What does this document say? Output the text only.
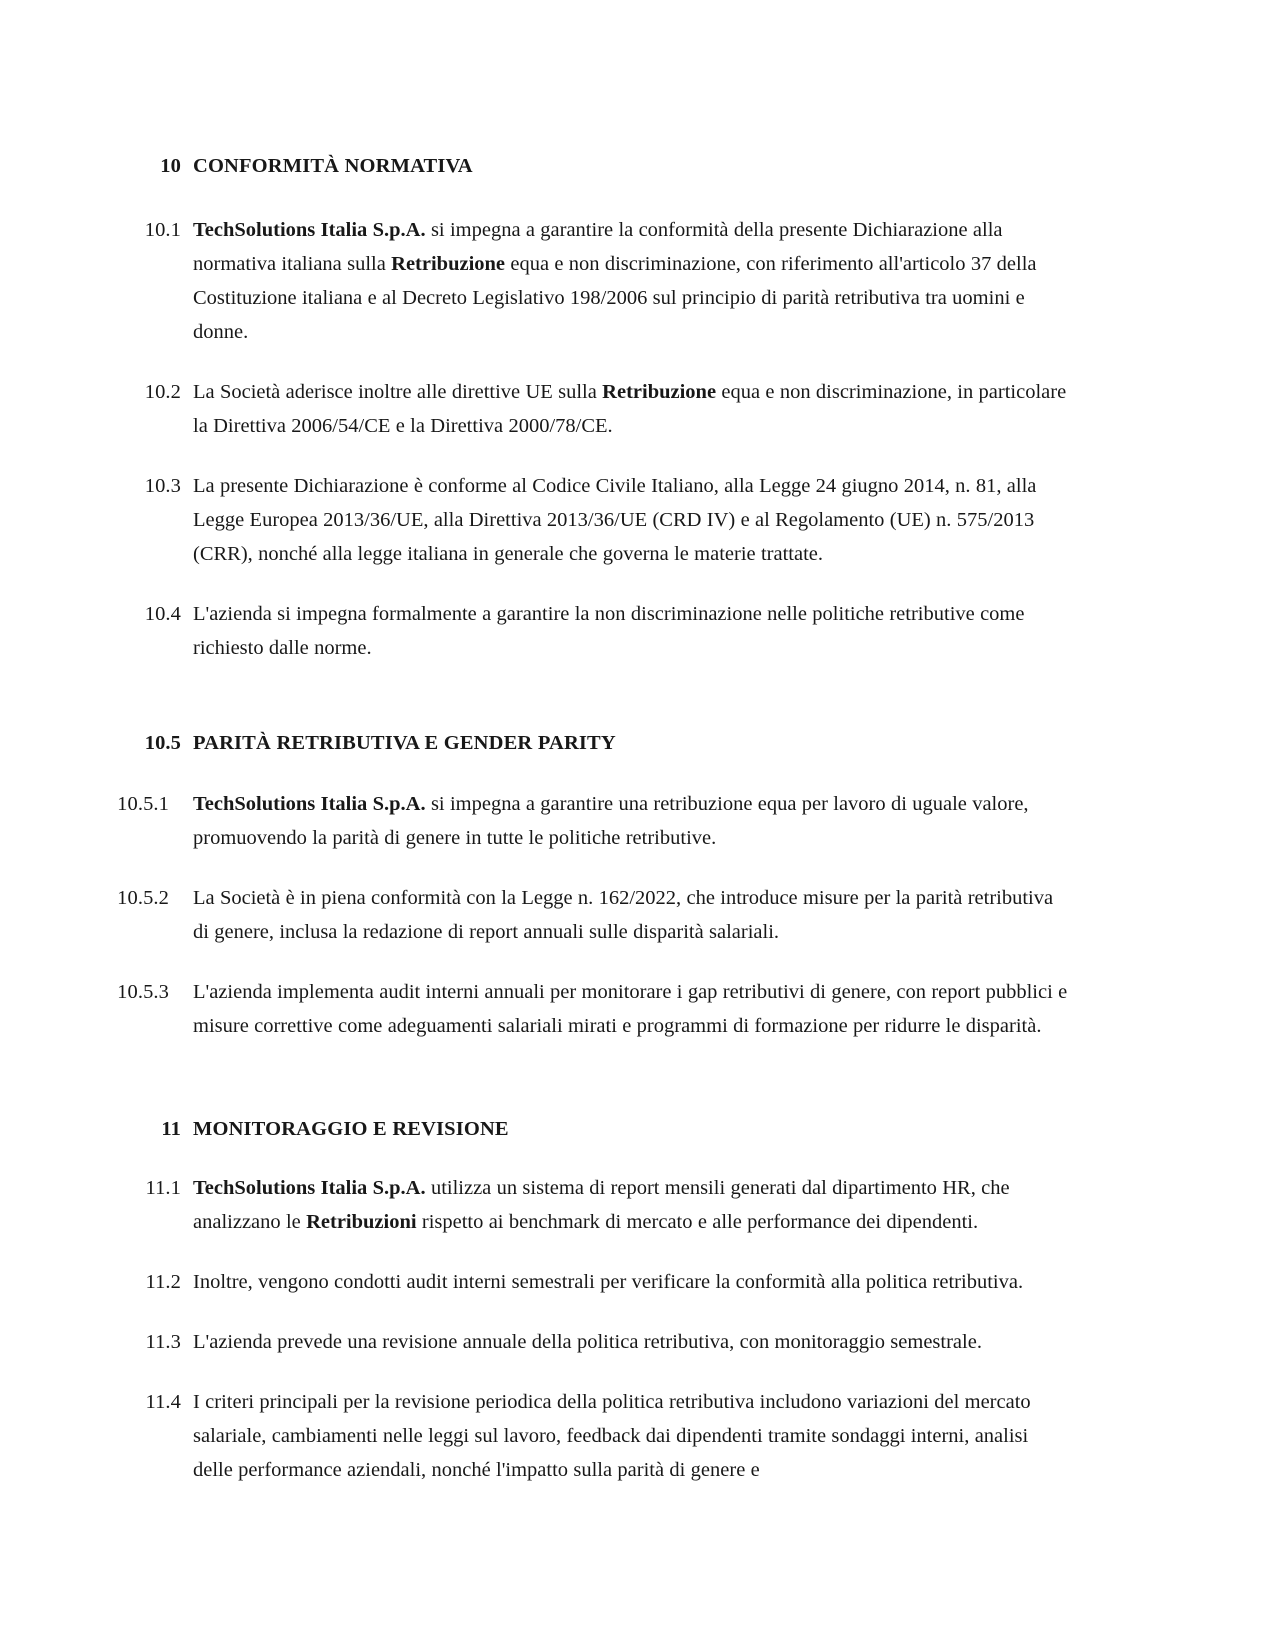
10 CONFORMITÀ NORMATIVA
10.1 TechSolutions Italia S.p.A. si impegna a garantire la conformità della presente Dichiarazione alla normativa italiana sulla Retribuzione equa e non discriminazione, con riferimento all'articolo 37 della Costituzione italiana e al Decreto Legislativo 198/2006 sul principio di parità retributiva tra uomini e donne.
10.2 La Società aderisce inoltre alle direttive UE sulla Retribuzione equa e non discriminazione, in particolare la Direttiva 2006/54/CE e la Direttiva 2000/78/CE.
10.3 La presente Dichiarazione è conforme al Codice Civile Italiano, alla Legge 24 giugno 2014, n. 81, alla Legge Europea 2013/36/UE, alla Direttiva 2013/36/UE (CRD IV) e al Regolamento (UE) n. 575/2013 (CRR), nonché alla legge italiana in generale che governa le materie trattate.
10.4 L'azienda si impegna formalmente a garantire la non discriminazione nelle politiche retributive come richiesto dalle norme.
10.5 PARITÀ RETRIBUTIVA E GENDER PARITY
10.5.1 TechSolutions Italia S.p.A. si impegna a garantire una retribuzione equa per lavoro di uguale valore, promuovendo la parità di genere in tutte le politiche retributive.
10.5.2 La Società è in piena conformità con la Legge n. 162/2022, che introduce misure per la parità retributiva di genere, inclusa la redazione di report annuali sulle disparità salariali.
10.5.3 L'azienda implementa audit interni annuali per monitorare i gap retributivi di genere, con report pubblici e misure correttive come adeguamenti salariali mirati e programmi di formazione per ridurre le disparità.
11 MONITORAGGIO E REVISIONE
11.1 TechSolutions Italia S.p.A. utilizza un sistema di report mensili generati dal dipartimento HR, che analizzano le Retribuzioni rispetto ai benchmark di mercato e alle performance dei dipendenti.
11.2 Inoltre, vengono condotti audit interni semestrali per verificare la conformità alla politica retributiva.
11.3 L'azienda prevede una revisione annuale della politica retributiva, con monitoraggio semestrale.
11.4 I criteri principali per la revisione periodica della politica retributiva includono variazioni del mercato salariale, cambiamenti nelle leggi sul lavoro, feedback dai dipendenti tramite sondaggi interni, analisi delle performance aziendali, nonché l'impatto sulla parità di genere e
